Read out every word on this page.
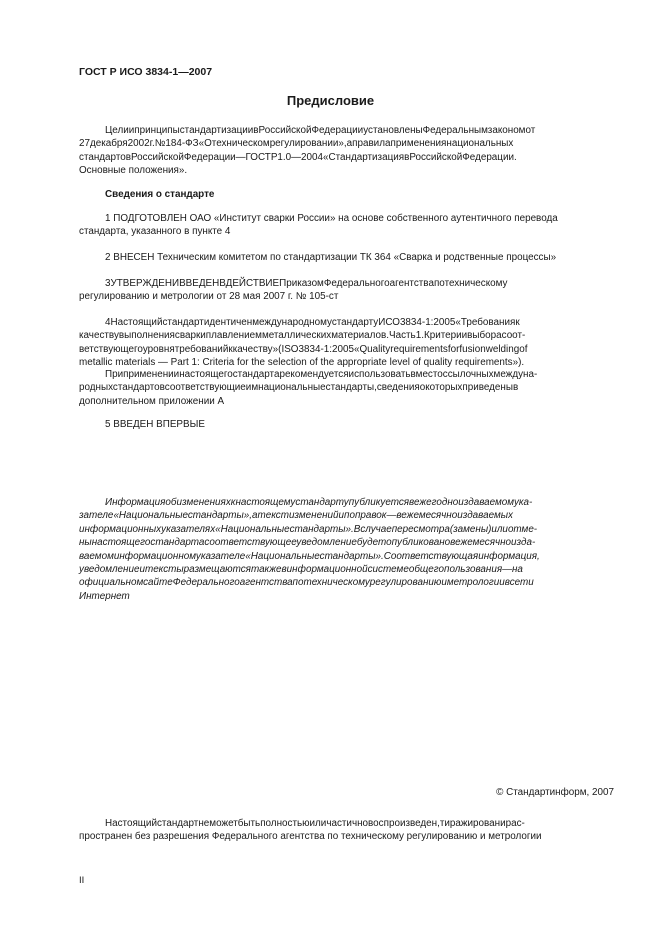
ГОСТ Р ИСО 3834-1—2007
Предисловие
ЦелиипринципыстандартизациивРоссийскойФедерацииустановленыФедеральнымзакономот
27декабря2002г.№184-ФЗ«Отехническомрегулировании»,аправилаприменениянациональных
стандартовРоссийскойФедерации—ГОСТР1.0—2004«СтандартизациявРоссийскойФедерации.
Основные положения».
Сведения о стандарте
1 ПОДГОТОВЛЕН ОАО «Институт сварки России» на основе собственного аутентичного перевода
стандарта, указанного в пункте 4
2 ВНЕСЕН Техническим комитетом по стандартизации ТК 364 «Сварка и родственные процессы»
3УТВЕРЖДЕНИВВЕДЕНВДЕЙСТВИЕПриказомФедеральногоагентствапотехническому
регулированию и метрологии от 28 мая 2007 г. № 105-ст
4НастоящийстандартидентиченмеждународномустандартуИСО3834-1:2005«Требованияк
качествувыполнениясваркиплавлениемметаллическихматериалов.Часть1.Критериивыборасоот-
ветствующегоуровнятребованийккачеству»(ISO3834-1:2005«Qualityrequirementsforfusionweldingof
metallic materials — Part 1: Criteria for the selection of the appropriate level of quality requirements»).
Приприменениинастоящегостандартарекомендуетсяиспользоватьвместоссылочныхмеждуна-
родныхстандартовсоответствующиеимнациональныестандарты,сведенияокоторыхприведеныв
дополнительном приложении А
5 ВВЕДЕН ВПЕРВЫЕ
Информацияобизмененияхкнастоящемустандартупубликуетсявежегодноиздаваемомука-
зателе«Национальныестандарты»,атекстизмененийипоправок—вежемесячноиздаваемых
информационныхуказателях«Национальныестандарты».Вслучаепересмотра(замены)илиотме-
нынастоящегостандартасоответствующееуведомлениебудетопубликовановежемесячноизда-
ваемоминформационномуказателе«Национальныестандарты».Соответствующаяинформация,
уведомлениеитекстыразмещаютсятакжевинформационнойсистемеобщегопользования—на
официальномсайтеФедеральногоагентствапотехническомурегулированиюиметрологиивсети
Интернет
© Стандартинформ, 2007
Настоящийстандартнеможетбытьполностьюиличастичновоспроизведен,тиражированирас-
пространен без разрешения Федерального агентства по техническому регулированию и метрологии
II
